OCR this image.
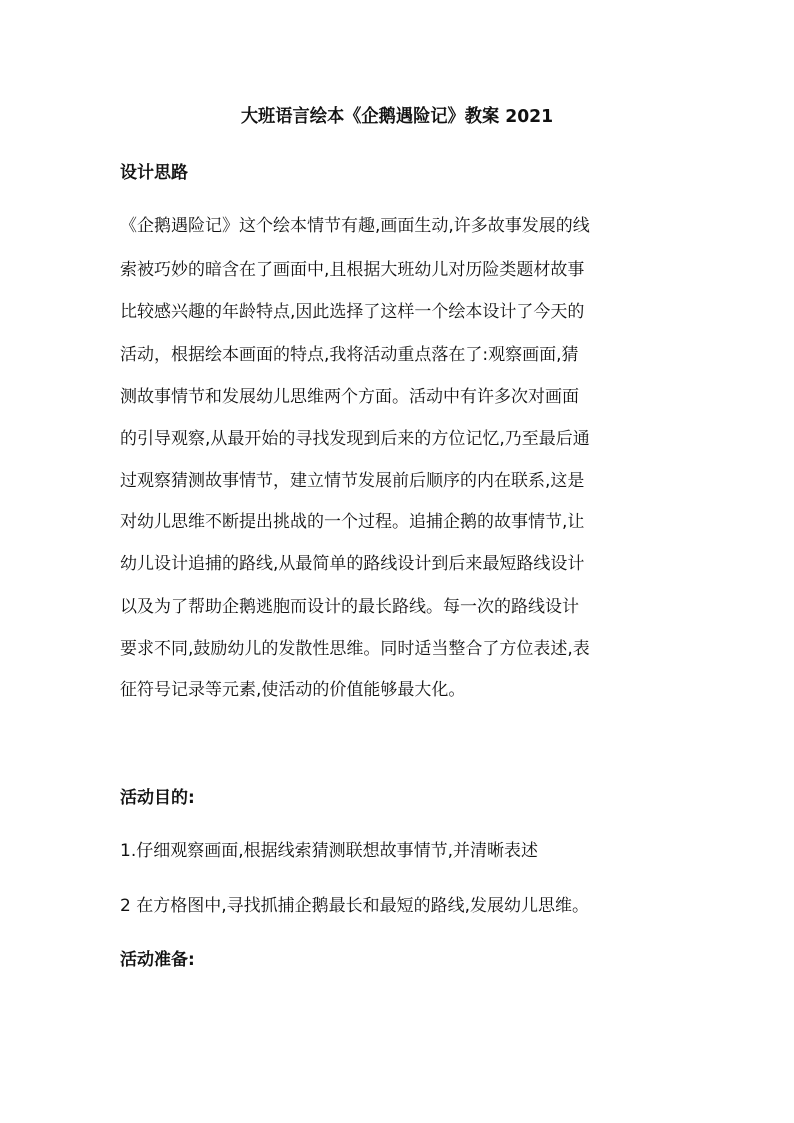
大班语言绘本《企鹅遇险记》教案 2021
设计思路
《企鹅遇险记》这个绘本情节有趣,画面生动,许多故事发展的线
索被巧妙的暗含在了画面中,且根据大班幼儿对历险类题材故事
比较感兴趣的年龄特点,因此选择了这样一个绘本设计了今天的
活动，根据绘本画面的特点,我将活动重点落在了:观察画面,猜
测故事情节和发展幼儿思维两个方面。活动中有许多次对画面
的引导观察,从最开始的寻找发现到后来的方位记忆,乃至最后通
过观察猜测故事情节，建立情节发展前后顺序的内在联系,这是
对幼儿思维不断提出挑战的一个过程。追捕企鹅的故事情节,让
幼儿设计追捕的路线,从最简单的路线设计到后来最短路线设计
以及为了帮助企鹅逃胞而设计的最长路线。每一次的路线设计
要求不同,鼓励幼儿的发散性思维。同时适当整合了方位表述,表
征符号记录等元素,使活动的价值能够最大化。
活动目的:
1.仔细观察画面,根据线索猜测联想故事情节,并清晰表述
2 在方格图中,寻找抓捕企鹅最长和最短的路线,发展幼儿思维。
活动准备:
